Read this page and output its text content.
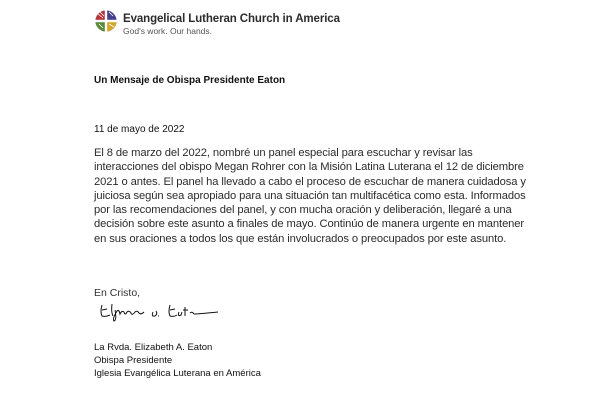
Evangelical Lutheran Church in America
God's work. Our hands.
Un Mensaje de Obispa Presidente Eaton
11 de mayo de 2022
El 8 de marzo del 2022, nombré un panel especial para escuchar y revisar las interacciones del obispo Megan Rohrer con la Misión Latina Luterana el 12 de diciembre 2021 o antes. El panel ha llevado a cabo el proceso de escuchar de manera cuidadosa y juiciosa según sea apropiado para una situación tan multifacética como esta. Informados por las recomendaciones del panel, y con mucha oración y deliberación, llegaré a una decisión sobre este asunto a finales de mayo. Continúo de manera urgente en mantener en sus oraciones a todos los que están involucrados o preocupados por este asunto.
En Cristo,
La Rvda. Elizabeth A. Eaton
Obispa Presidente
Iglesia Evangélica Luterana en América
